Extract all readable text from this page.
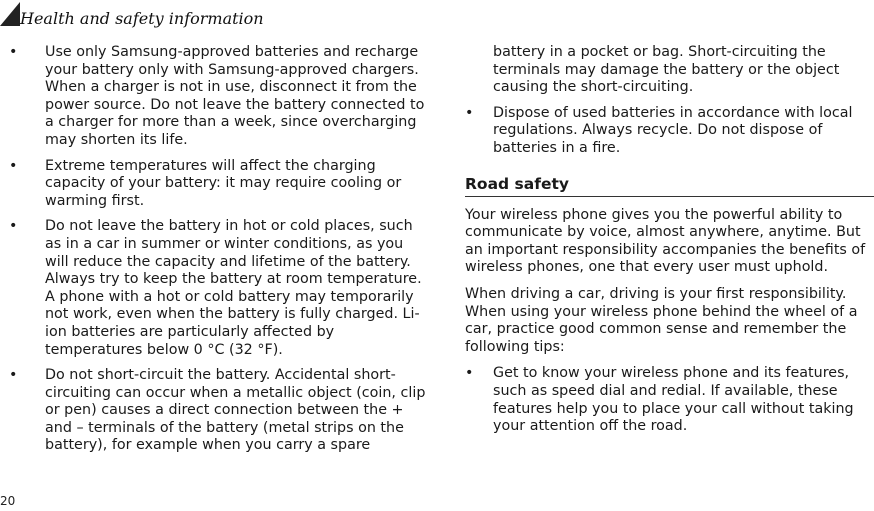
Health and safety information
• Use only Samsung-approved batteries and recharge your battery only with Samsung-approved chargers. When a charger is not in use, disconnect it from the power source. Do not leave the battery connected to a charger for more than a week, since overcharging may shorten its life.
• Extreme temperatures will affect the charging capacity of your battery: it may require cooling or warming first.
• Do not leave the battery in hot or cold places, such as in a car in summer or winter conditions, as you will reduce the capacity and lifetime of the battery. Always try to keep the battery at room temperature. A phone with a hot or cold battery may temporarily not work, even when the battery is fully charged. Li-ion batteries are particularly affected by temperatures below 0 °C (32 °F).
• Do not short-circuit the battery. Accidental short-circuiting can occur when a metallic object (coin, clip or pen) causes a direct connection between the + and – terminals of the battery (metal strips on the battery), for example when you carry a spare
battery in a pocket or bag. Short-circuiting the terminals may damage the battery or the object causing the short-circuiting.
• Dispose of used batteries in accordance with local regulations. Always recycle. Do not dispose of batteries in a fire.
Road safety
Your wireless phone gives you the powerful ability to communicate by voice, almost anywhere, anytime. But an important responsibility accompanies the benefits of wireless phones, one that every user must uphold.
When driving a car, driving is your first responsibility. When using your wireless phone behind the wheel of a car, practice good common sense and remember the following tips:
• Get to know your wireless phone and its features, such as speed dial and redial. If available, these features help you to place your call without taking your attention off the road.
20
